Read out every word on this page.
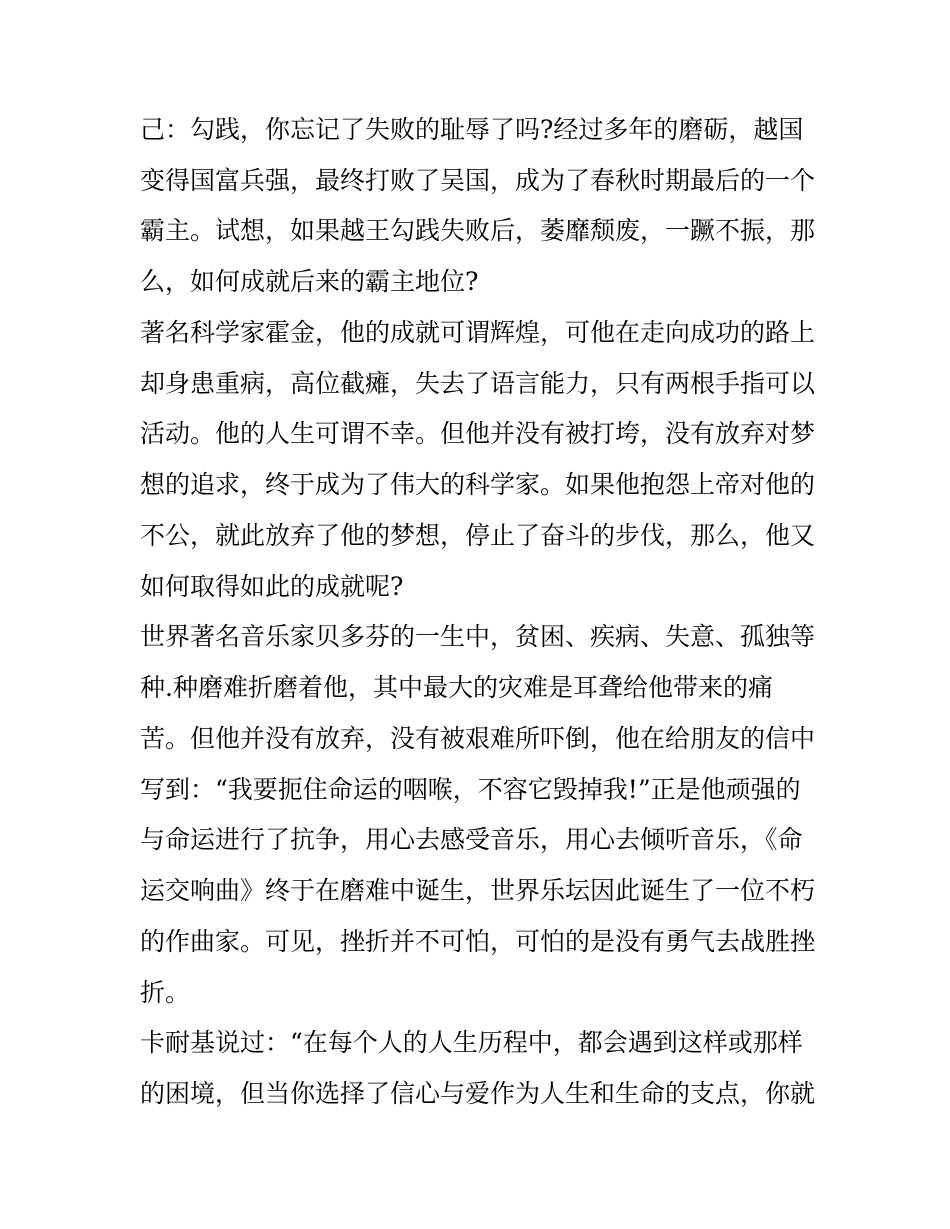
己：勾践，你忘记了失败的耻辱了吗?经过多年的磨砺，越国
变得国富兵强，最终打败了吴国，成为了春秋时期最后的一个
霸主。试想，如果越王勾践失败后，萎靡颓废，一蹶不振，那
么，如何成就后来的霸主地位?
著名科学家霍金，他的成就可谓辉煌，可他在走向成功的路上
却身患重病，高位截瘫，失去了语言能力，只有两根手指可以
活动。他的人生可谓不幸。但他并没有被打垮，没有放弃对梦
想的追求，终于成为了伟大的科学家。如果他抱怨上帝对他的
不公，就此放弃了他的梦想，停止了奋斗的步伐，那么，他又
如何取得如此的成就呢?
世界著名音乐家贝多芬的一生中，贫困、疾病、失意、孤独等
种.种磨难折磨着他，其中最大的灾难是耳聋给他带来的痛
苦。但他并没有放弃，没有被艰难所吓倒，他在给朋友的信中
写到：“我要扼住命运的咽喉，不容它毁掉我!”正是他顽强的
与命运进行了抗争，用心去感受音乐，用心去倾听音乐，《命
运交响曲》终于在磨难中诞生，世界乐坛因此诞生了一位不朽
的作曲家。可见，挫折并不可怕，可怕的是没有勇气去战胜挫
折。
卡耐基说过：“在每个人的人生历程中，都会遇到这样或那样
的困境，但当你选择了信心与爱作为人生和生命的支点，你就
